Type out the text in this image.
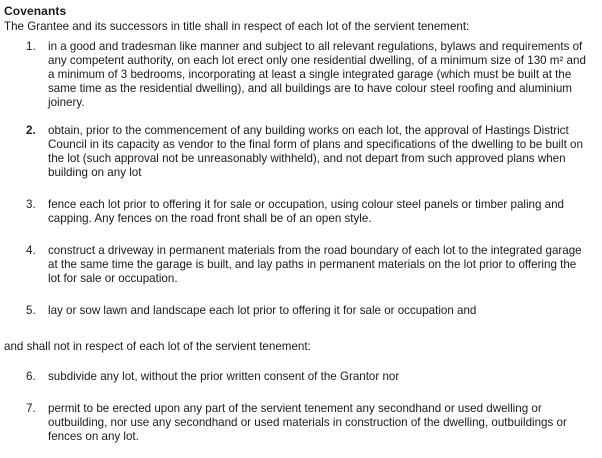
Covenants
The Grantee and its successors in title shall in respect of each lot of the servient tenement:
1.	in a good and tradesman like manner and subject to all relevant regulations, bylaws and requirements of
any competent authority, on each lot erect only one residential dwelling, of a minimum size of 130 m² and
a minimum of 3 bedrooms, incorporating at least a single integrated garage (which must be built at the
same time as the residential dwelling), and all buildings are to have colour steel roofing and aluminium
joinery.
2.	obtain, prior to the commencement of any building works on each lot, the approval of Hastings District
Council in its capacity as vendor to the final form of plans and specifications of the dwelling to be built on
the lot (such approval not be unreasonably withheld), and not depart from such approved plans when
building on any lot
3.	fence each lot prior to offering it for sale or occupation, using colour steel panels or timber paling and
capping. Any fences on the road front shall be of an open style.
4.	construct a driveway in permanent materials from the road boundary of each lot to the integrated garage
at the same time the garage is built, and lay paths in permanent materials on the lot prior to offering the
lot for sale or occupation.
5.	lay or sow lawn and landscape each lot prior to offering it for sale or occupation and
and shall not in respect of each lot of the servient tenement:
6.	subdivide any lot, without the prior written consent of the Grantor nor
7.	permit to be erected upon any part of the servient tenement any secondhand or used dwelling or
outbuilding, nor use any secondhand or used materials in construction of the dwelling, outbuildings or
fences on any lot.
